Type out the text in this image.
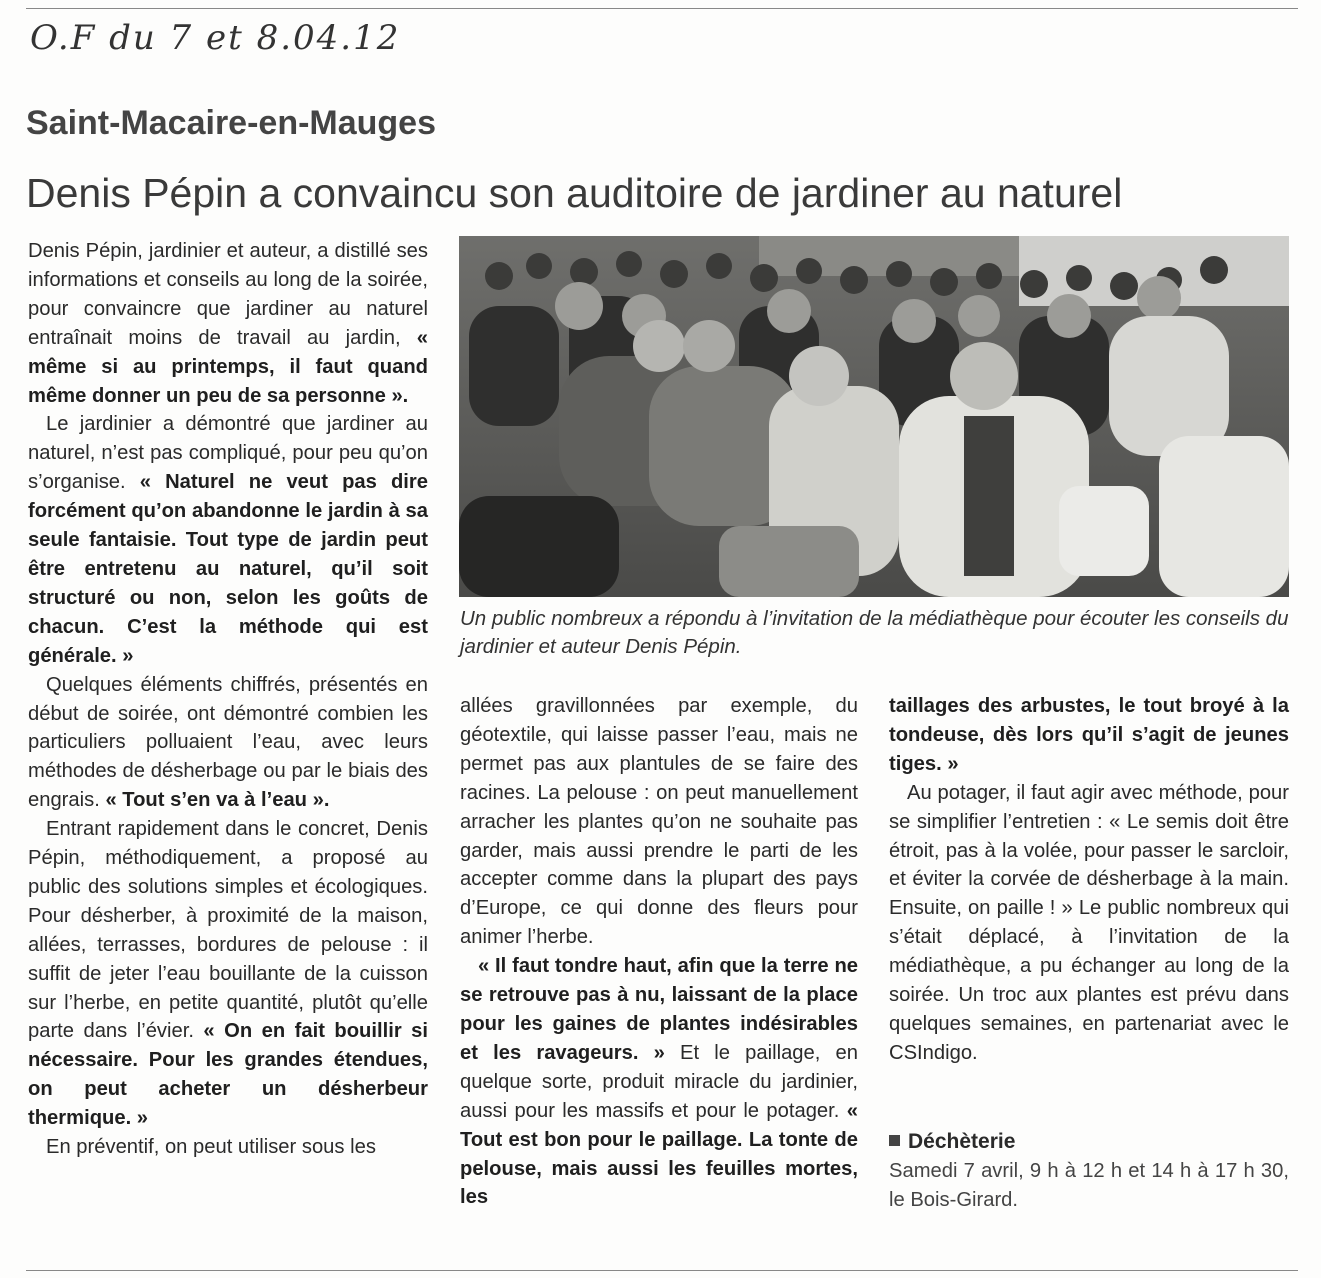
O.F du 7 et 8.04.12
Saint-Macaire-en-Mauges
Denis Pépin a convaincu son auditoire de jardiner au naturel

Denis Pépin, jardinier et auteur, a distillé ses informations et conseils au long de la soirée, pour convaincre que jardiner au naturel entraînait moins de travail au jardin, « même si au printemps, il faut quand même donner un peu de sa personne ».

Le jardinier a démontré que jardiner au naturel, n’est pas compliqué, pour peu qu’on s’organise. « Naturel ne veut pas dire forcément qu’on abandonne le jardin à sa seule fantaisie. Tout type de jardin peut être entretenu au naturel, qu’il soit structuré ou non, selon les goûts de chacun. C’est la méthode qui est générale. »

Quelques éléments chiffrés, présentés en début de soirée, ont démontré combien les particuliers polluaient l’eau, avec leurs méthodes de désherbage ou par le biais des engrais. « Tout s’en va à l’eau ».

Entrant rapidement dans le concret, Denis Pépin, méthodiquement, a proposé au public des solutions simples et écologiques. Pour désherber, à proximité de la maison, allées, terrasses, bordures de pelouse : il suffit de jeter l’eau bouillante de la cuisson sur l’herbe, en petite quantité, plutôt qu’elle parte dans l’évier. « On en fait bouillir si nécessaire. Pour les grandes étendues, on peut acheter un désherbeur thermique. »

En préventif, on peut utiliser sous les

Un public nombreux a répondu à l’invitation de la médiathèque pour écouter les conseils du jardinier et auteur Denis Pépin.

allées gravillonnées par exemple, du géotextile, qui laisse passer l’eau, mais ne permet pas aux plantules de se faire des racines. La pelouse : on peut manuellement arracher les plantes qu’on ne souhaite pas garder, mais aussi prendre le parti de les accepter comme dans la plupart des pays d’Europe, ce qui donne des fleurs pour animer l’herbe.

« Il faut tondre haut, afin que la terre ne se retrouve pas à nu, laissant de la place pour les gaines de plantes indésirables et les ravageurs. » Et le paillage, en quelque sorte, produit miracle du jardinier, aussi pour les massifs et pour le potager. « Tout est bon pour le paillage. La tonte de pelouse, mais aussi les feuilles mortes, les

taillages des arbustes, le tout broyé à la tondeuse, dès lors qu’il s’agit de jeunes tiges. »

Au potager, il faut agir avec méthode, pour se simplifier l’entretien : « Le semis doit être étroit, pas à la volée, pour passer le sarcloir, et éviter la corvée de désherbage à la main. Ensuite, on paille ! » Le public nombreux qui s’était déplacé, à l’invitation de la médiathèque, a pu échanger au long de la soirée. Un troc aux plantes est prévu dans quelques semaines, en partenariat avec le CSIndigo.

Déchèterie
Samedi 7 avril, 9 h à 12 h et 14 h à 17 h 30, le Bois-Girard.
